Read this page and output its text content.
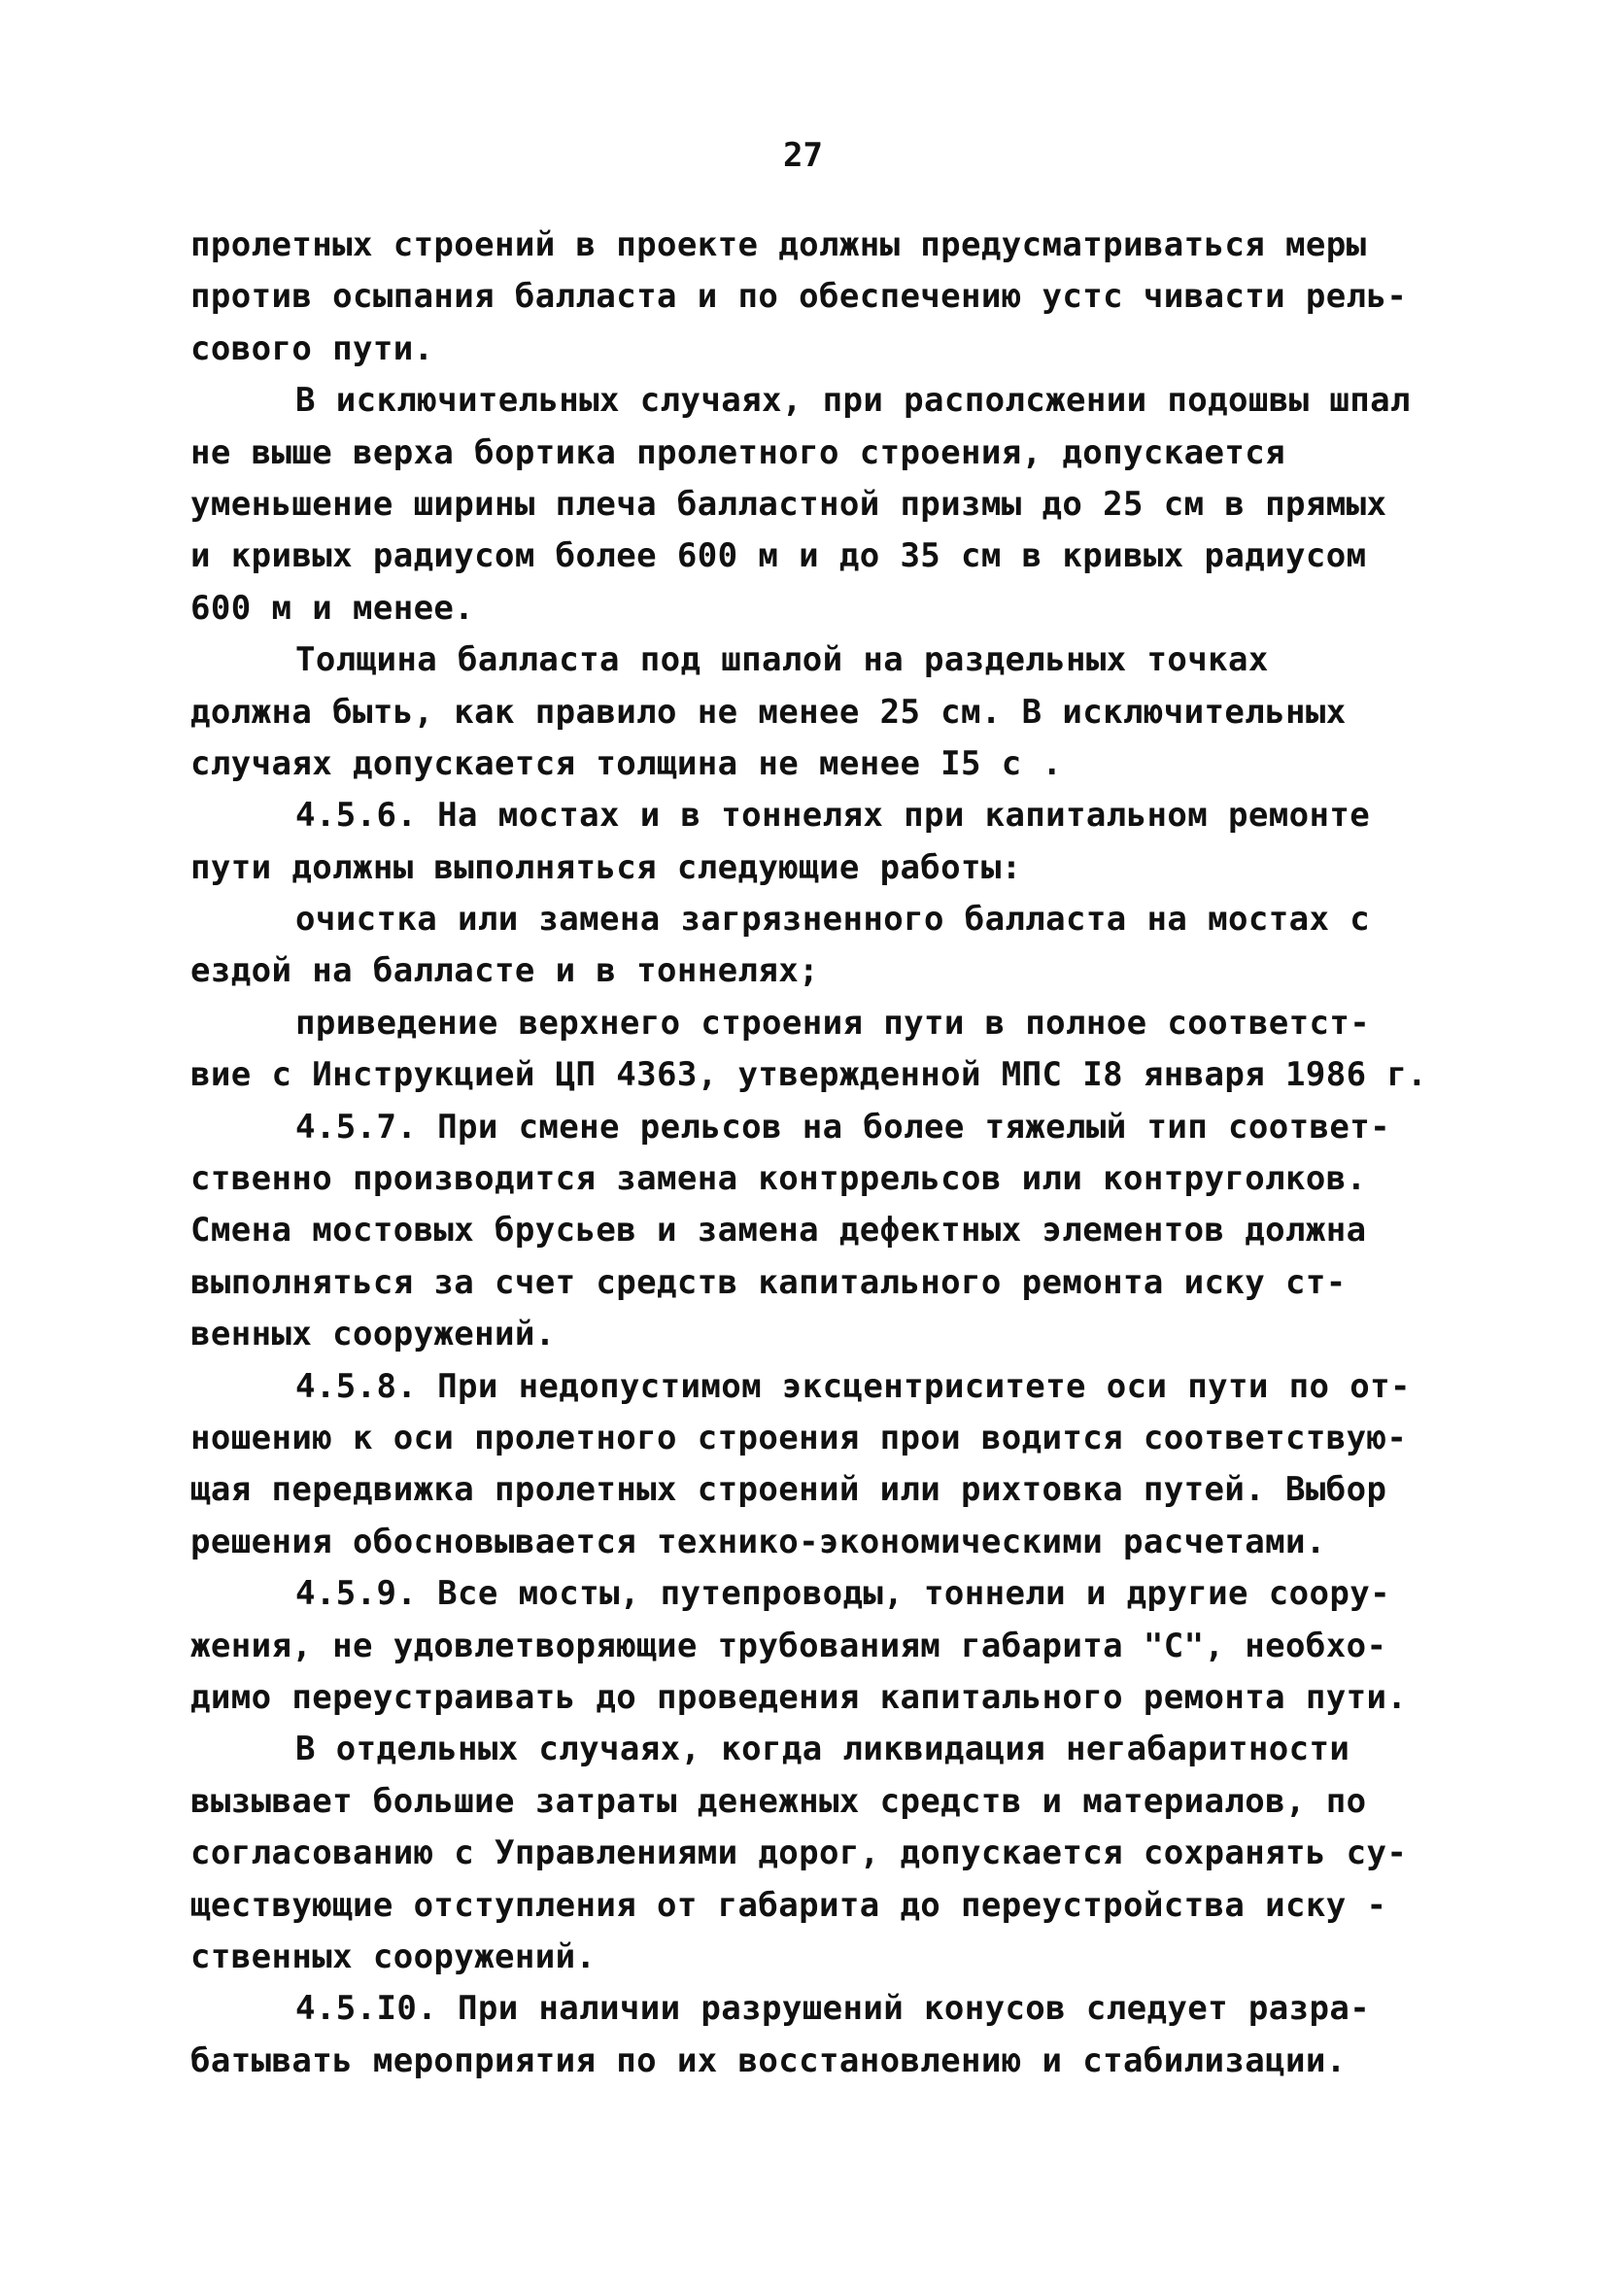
27
пролетных строений в проекте должны предусматриваться меры
против осыпания балласта и по обеспечению устс чивасти рель-
сового пути.
В исключительных случаях, при располсжении подошвы шпал
не выше верха бортика пролетного строения, допускается
уменьшение ширины плеча балластной призмы до 25 см в прямых
и кривых радиусом более 600 м и до 35 см в кривых радиусом
600 м и менее.
Толщина балласта под шпалой на раздельных точках
должна быть, как правило не менее 25 см. В исключительных
случаях допускается толщина не менее I5 с .
4.5.6. На мостах и в тоннелях при капитальном ремонте
пути должны выполняться следующие работы:
очистка или замена загрязненного балласта на мостах с
ездой на балласте и в тоннелях;
приведение верхнего строения пути в полное соответст-
вие с Инструкцией ЦП 4363, утвержденной МПС I8 января 1986 г.
4.5.7. При смене рельсов на более тяжелый тип соответ-
ственно производится замена контррельсов или контруголков.
Смена мостовых брусьев и замена дефектных элементов должна
выполняться за счет средств капитального ремонта иску ст-
венных сооружений.
4.5.8. При недопустимом эксцентриситете оси пути по от-
ношению к оси пролетного строения прои водится соответствую-
щая передвижка пролетных строений или рихтовка путей. Выбор
решения обосновывается технико-экономическими расчетами.
4.5.9. Все мосты, путепроводы, тоннели и другие соору-
жения, не удовлетворяющие трубованиям габарита "С", необхо-
димо переустраивать до проведения капитального ремонта пути.
В отдельных случаях, когда ликвидация негабаритности
вызывает большие затраты денежных средств и материалов, по
согласованию с Управлениями дорог, допускается сохранять су-
ществующие отступления от габарита до переустройства иску -
ственных сооружений.
4.5.I0. При наличии разрушений конусов следует разра-
батывать мероприятия по их восстановлению и стабилизации.
